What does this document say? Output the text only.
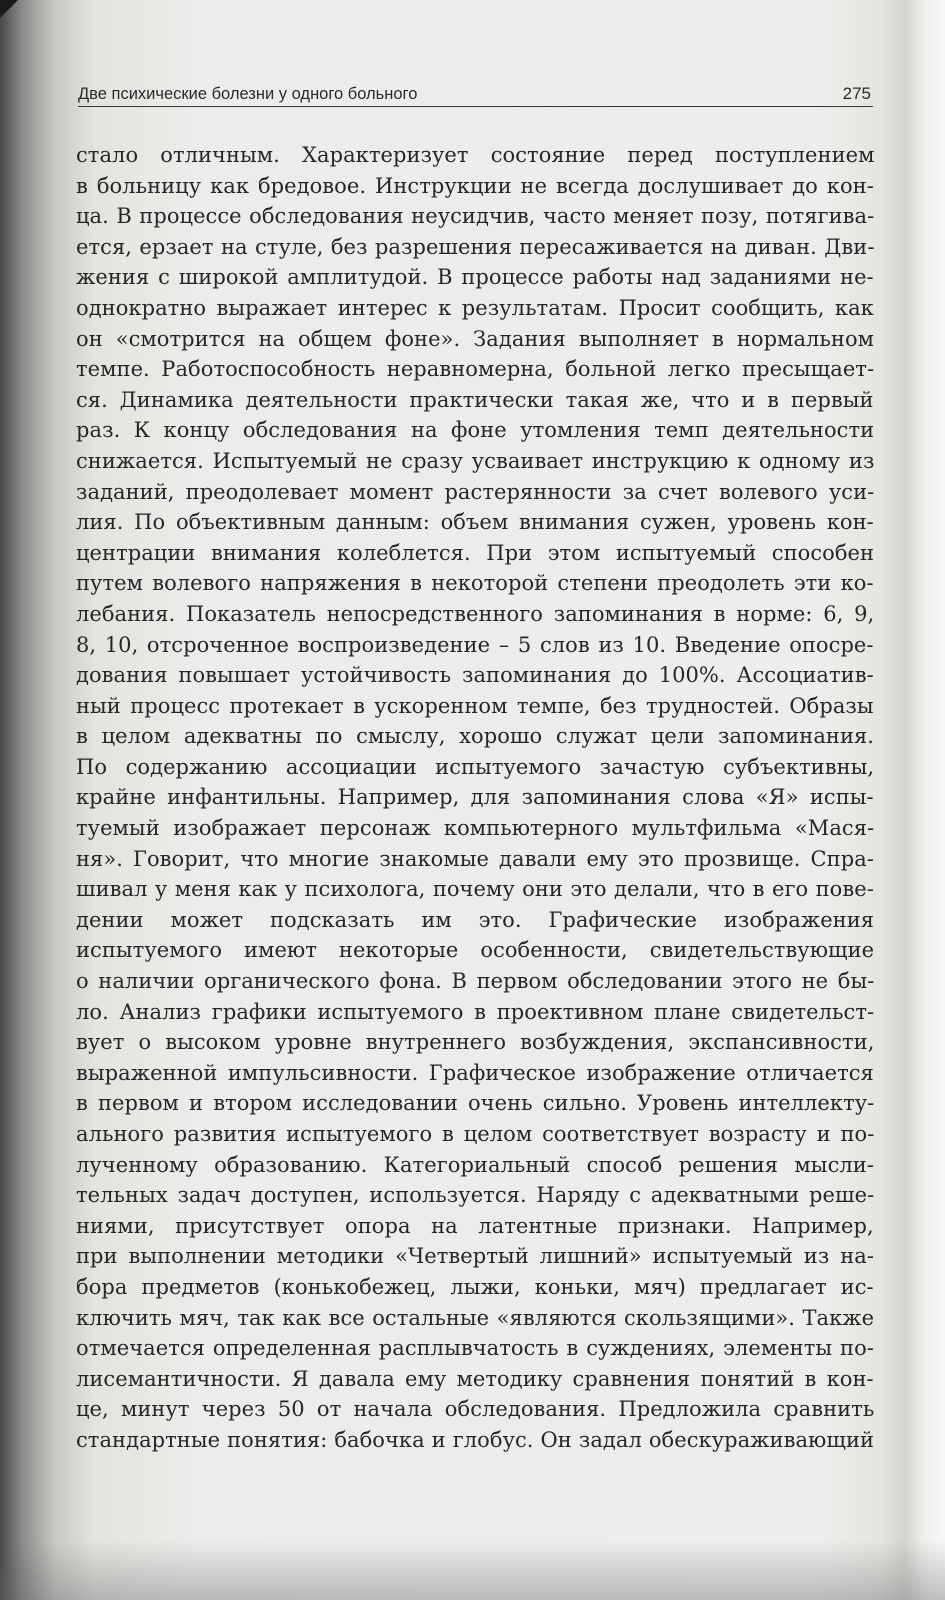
Две психические болезни у одного больного	275
стало отличным. Характеризует состояние перед поступлением
в больницу как бредовое. Инструкции не всегда дослушивает до кон-
ца. В процессе обследования неусидчив, часто меняет позу, потягива-
ется, ерзает на стуле, без разрешения пересаживается на диван. Дви-
жения с широкой амплитудой. В процессе работы над заданиями не-
однократно выражает интерес к результатам. Просит сообщить, как
он «смотрится на общем фоне». Задания выполняет в нормальном
темпе. Работоспособность неравномерна, больной легко пресыщает-
ся. Динамика деятельности практически такая же, что и в первый
раз. К концу обследования на фоне утомления темп деятельности
снижается. Испытуемый не сразу усваивает инструкцию к одному из
заданий, преодолевает момент растерянности за счет волевого уси-
лия. По объективным данным: объем внимания сужен, уровень кон-
центрации внимания колеблется. При этом испытуемый способен
путем волевого напряжения в некоторой степени преодолеть эти ко-
лебания. Показатель непосредственного запоминания в норме: 6, 9,
8, 10, отсроченное воспроизведение – 5 слов из 10. Введение опосре-
дования повышает устойчивость запоминания до 100%. Ассоциатив-
ный процесс протекает в ускоренном темпе, без трудностей. Образы
в целом адекватны по смыслу, хорошо служат цели запоминания.
По содержанию ассоциации испытуемого зачастую субъективны,
крайне инфантильны. Например, для запоминания слова «Я» испы-
туемый изображает персонаж компьютерного мультфильма «Мася-
ня». Говорит, что многие знакомые давали ему это прозвище. Спра-
шивал у меня как у психолога, почему они это делали, что в его пове-
дении может подсказать им это. Графические изображения
испытуемого имеют некоторые особенности, свидетельствующие
о наличии органического фона. В первом обследовании этого не бы-
ло. Анализ графики испытуемого в проективном плане свидетельст-
вует о высоком уровне внутреннего возбуждения, экспансивности,
выраженной импульсивности. Графическое изображение отличается
в первом и втором исследовании очень сильно. Уровень интеллекту-
ального развития испытуемого в целом соответствует возрасту и по-
лученному образованию. Категориальный способ решения мысли-
тельных задач доступен, используется. Наряду с адекватными реше-
ниями, присутствует опора на латентные признаки. Например,
при выполнении методики «Четвертый лишний» испытуемый из на-
бора предметов (конькобежец, лыжи, коньки, мяч) предлагает ис-
ключить мяч, так как все остальные «являются скользящими». Также
отмечается определенная расплывчатость в суждениях, элементы по-
лисемантичности. Я давала ему методику сравнения понятий в кон-
це, минут через 50 от начала обследования. Предложила сравнить
стандартные понятия: бабочка и глобус. Он задал обескураживающий
